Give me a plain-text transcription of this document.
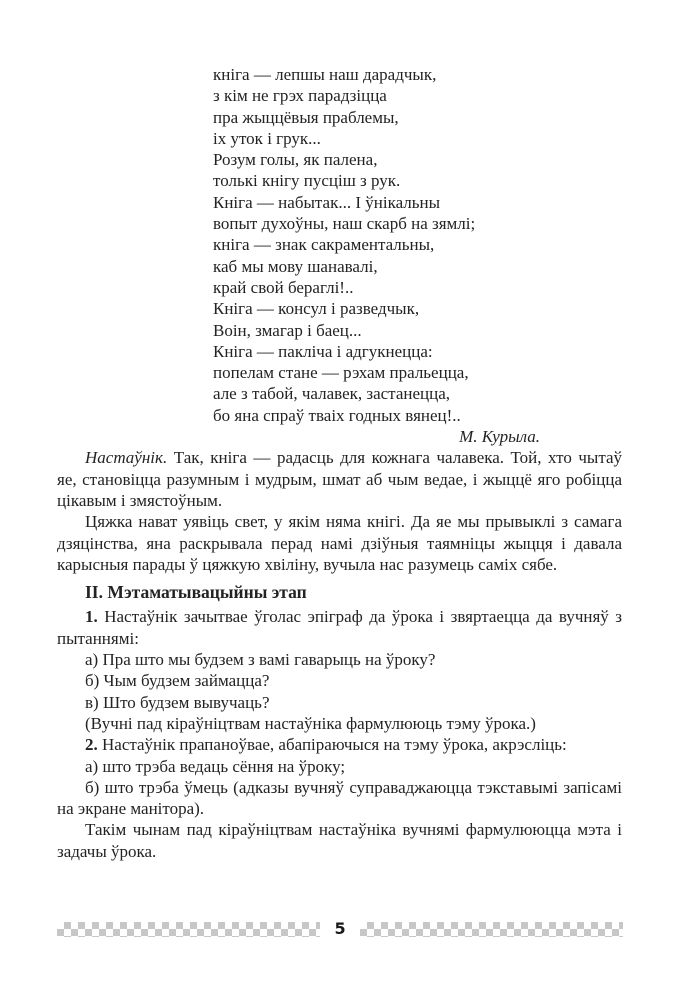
кніга — лепшы наш дарадчык,
з кім не грэх парадзіцца
пра жыццёвыя праблемы,
іх уток і грук...
Розум голы, як палена,
толькі кнігу пусціш з рук.
Кніга — набытак... І ўнікальны
вопыт духоўны, наш скарб на зямлі;
кніга — знак сакраментальны,
каб мы мову шанавалі,
край свой бераглі!..
Кніга — консул і разведчык,
Воін, змагар і баец...
Кніга — пакліча і адгукнецца:
попелам стане — рэхам пральецца,
але з табой, чалавек, застанецца,
бо яна спраў тваіх годных вянец!..
М. Курыла.

Настаўнік. Так, кніга — радасць для кожнага чалавека. Той, хто чытаў яе, становіцца разумным і мудрым, шмат аб чым ведае, і жыццё яго робіцца цікавым і змястоўным.

Цяжка нават уявіць свет, у якім няма кнігі. Да яе мы прывыклі з самага дзяцінства, яна раскрывала перад намі дзіўныя таямніцы жыцця і давала карысныя парады ў цяжкую хвіліну, вучыла нас разумець саміх сябе.

ІІ. Мэтаматывацыйны этап

1. Настаўнік зачытвае ўголас эпіграф да ўрока і звяртаецца да вучняў з пытаннямі:

а) Пра што мы будзем з вамі гаварыць на ўроку?

б) Чым будзем займацца?

в) Што будзем вывучаць?

(Вучні пад кіраўніцтвам настаўніка фармулююць тэму ўрока.)

2. Настаўнік прапаноўвае, абапіраючыся на тэму ўрока, акрэсліць:

а) што трэба ведаць сёння на ўроку;

б) што трэба ўмець (адказы вучняў суправаджаюцца тэкставымі запісамі на экране манітора).

Такім чынам пад кіраўніцтвам настаўніка вучнямі фармулююцца мэта і задачы ўрока.

5
